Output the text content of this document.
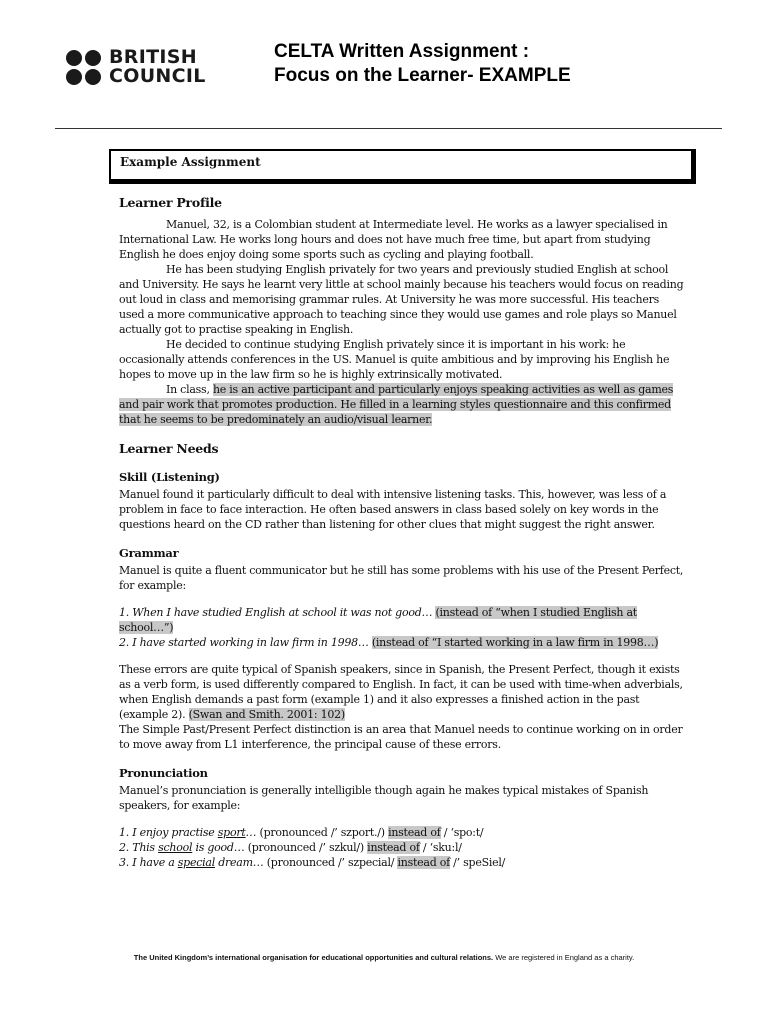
BRITISH
COUNCIL
CELTA Written Assignment :
Focus on the Learner- EXAMPLE
Example Assignment

Learner Profile

Manuel, 32, is a Colombian student at Intermediate level. He works as a lawyer specialised in International Law. He works long hours and does not have much free time, but apart from studying English he does enjoy doing some sports such as cycling and playing football.

He has been studying English privately for two years and previously studied English at school and University. He says he learnt very little at school mainly because his teachers would focus on reading out loud in class and memorising grammar rules. At University he was more successful. His teachers used a more communicative approach to teaching since they would use games and role plays so Manuel actually got to practise speaking in English.

He decided to continue studying English privately since it is important in his work: he occasionally attends conferences in the US. Manuel is quite ambitious and by improving his English he hopes to move up in the law firm so he is highly extrinsically motivated.

In class, he is an active participant and particularly enjoys speaking activities as well as games and pair work that promotes production. He filled in a learning styles questionnaire and this confirmed that he seems to be predominately an audio/visual learner.

Learner Needs

Skill (Listening)

Manuel found it particularly difficult to deal with intensive listening tasks. This, however, was less of a problem in face to face interaction. He often based answers in class based solely on key words in the questions heard on the CD rather than listening for other clues that might suggest the right answer.

Grammar

Manuel is quite a fluent communicator but he still has some problems with his use of the Present Perfect, for example:

1. When I have studied English at school it was not good… (instead of “when I studied English at school…”)

2. I have started working in law firm in 1998… (instead of “I started working in a law firm in 1998…)

These errors are quite typical of Spanish speakers, since in Spanish, the Present Perfect, though it exists as a verb form, is used differently compared to English. In fact, it can be used with time-when adverbials, when English demands a past form (example 1) and it also expresses a finished action in the past (example 2). (Swan and Smith. 2001: 102)

The Simple Past/Present Perfect distinction is an area that Manuel needs to continue working on in order to move away from L1 interference, the principal cause of these errors.

Pronunciation

Manuel’s pronunciation is generally intelligible though again he makes typical mistakes of Spanish speakers, for example:

1. I enjoy practise sport… (pronounced /’ szport./) instead of / ‘spo:t/

2. This school is good… (pronounced /’ szkul/) instead of / ‘sku:l/

3. I have a special dream… (pronounced /’ szpecial/ instead of /’ speSiel/

The United Kingdom’s international organisation for educational opportunities and cultural relations. We are registered in England as a charity.
